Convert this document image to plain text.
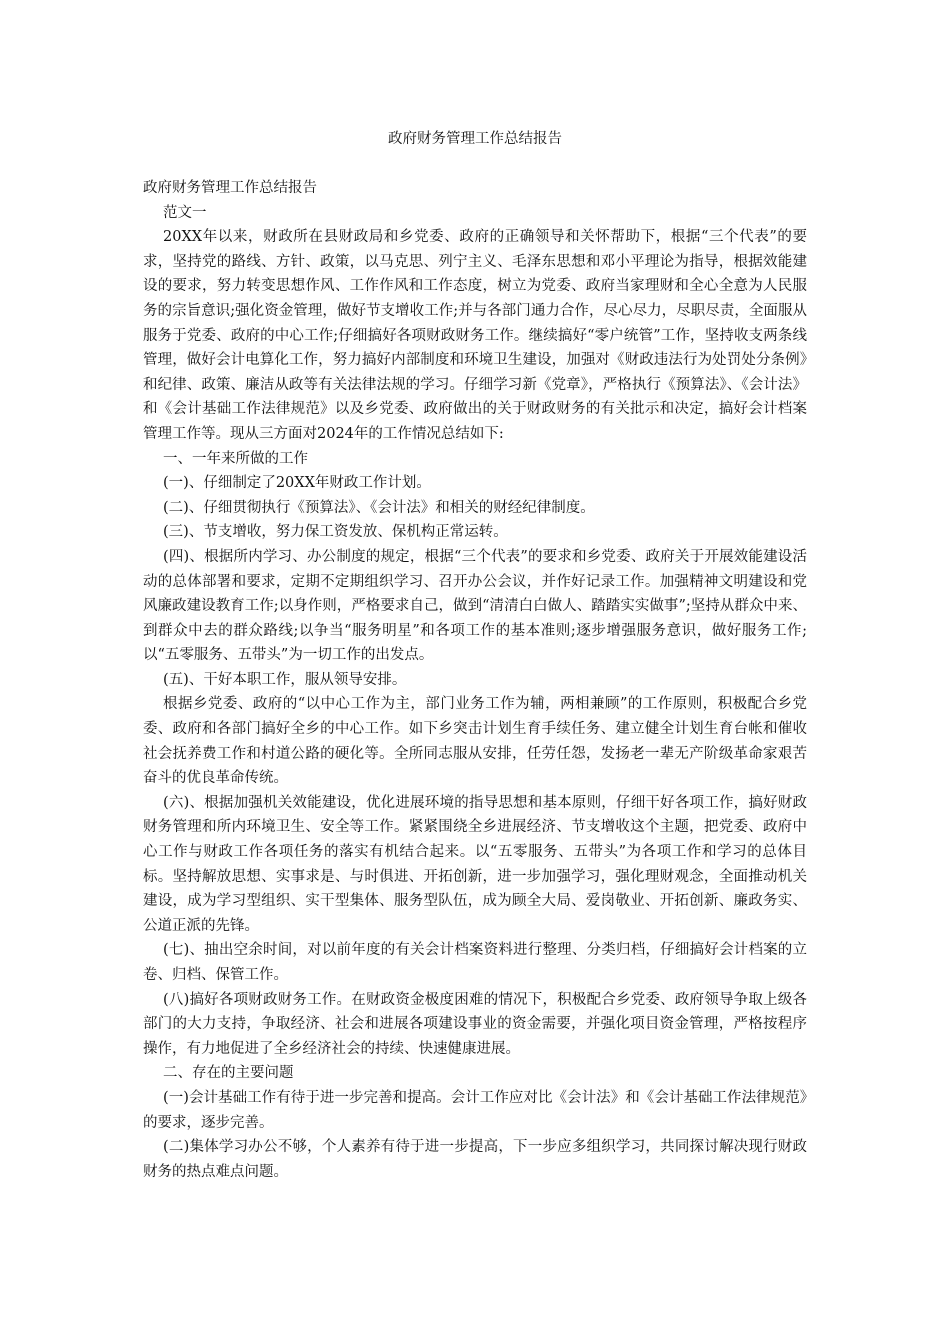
政府财务管理工作总结报告

政府财务管理工作总结报告

范文一

20XX年以来，财政所在县财政局和乡党委、政府的正确领导和关怀帮助下，根据“三个代表”的要求，坚持党的路线、方针、政策，以马克思、列宁主义、毛泽东思想和邓小平理论为指导，根据效能建设的要求，努力转变思想作风、工作作风和工作态度，树立为党委、政府当家理财和全心全意为人民服务的宗旨意识;强化资金管理，做好节支增收工作;并与各部门通力合作，尽心尽力，尽职尽责，全面服从服务于党委、政府的中心工作;仔细搞好各项财政财务工作。继续搞好“零户统管”工作，坚持收支两条线管理，做好会计电算化工作，努力搞好内部制度和环境卫生建设，加强对《财政违法行为处罚处分条例》和纪律、政策、廉洁从政等有关法律法规的学习。仔细学习新《党章》，严格执行《预算法》、《会计法》和《会计基础工作法律规范》以及乡党委、政府做出的关于财政财务的有关批示和决定，搞好会计档案管理工作等。现从三方面对2024年的工作情况总结如下:

一、一年来所做的工作

(一)、仔细制定了20XX年财政工作计划。

(二)、仔细贯彻执行《预算法》、《会计法》和相关的财经纪律制度。

(三)、节支增收，努力保工资发放、保机构正常运转。

(四)、根据所内学习、办公制度的规定，根据“三个代表”的要求和乡党委、政府关于开展效能建设活动的总体部署和要求，定期不定期组织学习、召开办公会议，并作好记录工作。加强精神文明建设和党风廉政建设教育工作;以身作则，严格要求自己，做到“清清白白做人、踏踏实实做事”;坚持从群众中来、到群众中去的群众路线;以争当“服务明星”和各项工作的基本准则;逐步增强服务意识，做好服务工作;以“五零服务、五带头”为一切工作的出发点。

(五)、干好本职工作，服从领导安排。

根据乡党委、政府的“以中心工作为主，部门业务工作为辅，两相兼顾”的工作原则，积极配合乡党委、政府和各部门搞好全乡的中心工作。如下乡突击计划生育手续任务、建立健全计划生育台帐和催收社会抚养费工作和村道公路的硬化等。全所同志服从安排，任劳任怨，发扬老一辈无产阶级革命家艰苦奋斗的优良革命传统。

(六)、根据加强机关效能建设，优化进展环境的指导思想和基本原则，仔细干好各项工作，搞好财政财务管理和所内环境卫生、安全等工作。紧紧围绕全乡进展经济、节支增收这个主题，把党委、政府中心工作与财政工作各项任务的落实有机结合起来。以“五零服务、五带头”为各项工作和学习的总体目标。坚持解放思想、实事求是、与时俱进、开拓创新，进一步加强学习，强化理财观念，全面推动机关建设，成为学习型组织、实干型集体、服务型队伍，成为顾全大局、爱岗敬业、开拓创新、廉政务实、公道正派的先锋。

(七)、抽出空余时间，对以前年度的有关会计档案资料进行整理、分类归档，仔细搞好会计档案的立卷、归档、保管工作。

(八)搞好各项财政财务工作。在财政资金极度困难的情况下，积极配合乡党委、政府领导争取上级各部门的大力支持，争取经济、社会和进展各项建设事业的资金需要，并强化项目资金管理，严格按程序操作，有力地促进了全乡经济社会的持续、快速健康进展。

二、存在的主要问题

(一)会计基础工作有待于进一步完善和提高。会计工作应对比《会计法》和《会计基础工作法律规范》的要求，逐步完善。

(二)集体学习办公不够，个人素养有待于进一步提高，下一步应多组织学习，共同探讨解决现行财政财务的热点难点问题。
